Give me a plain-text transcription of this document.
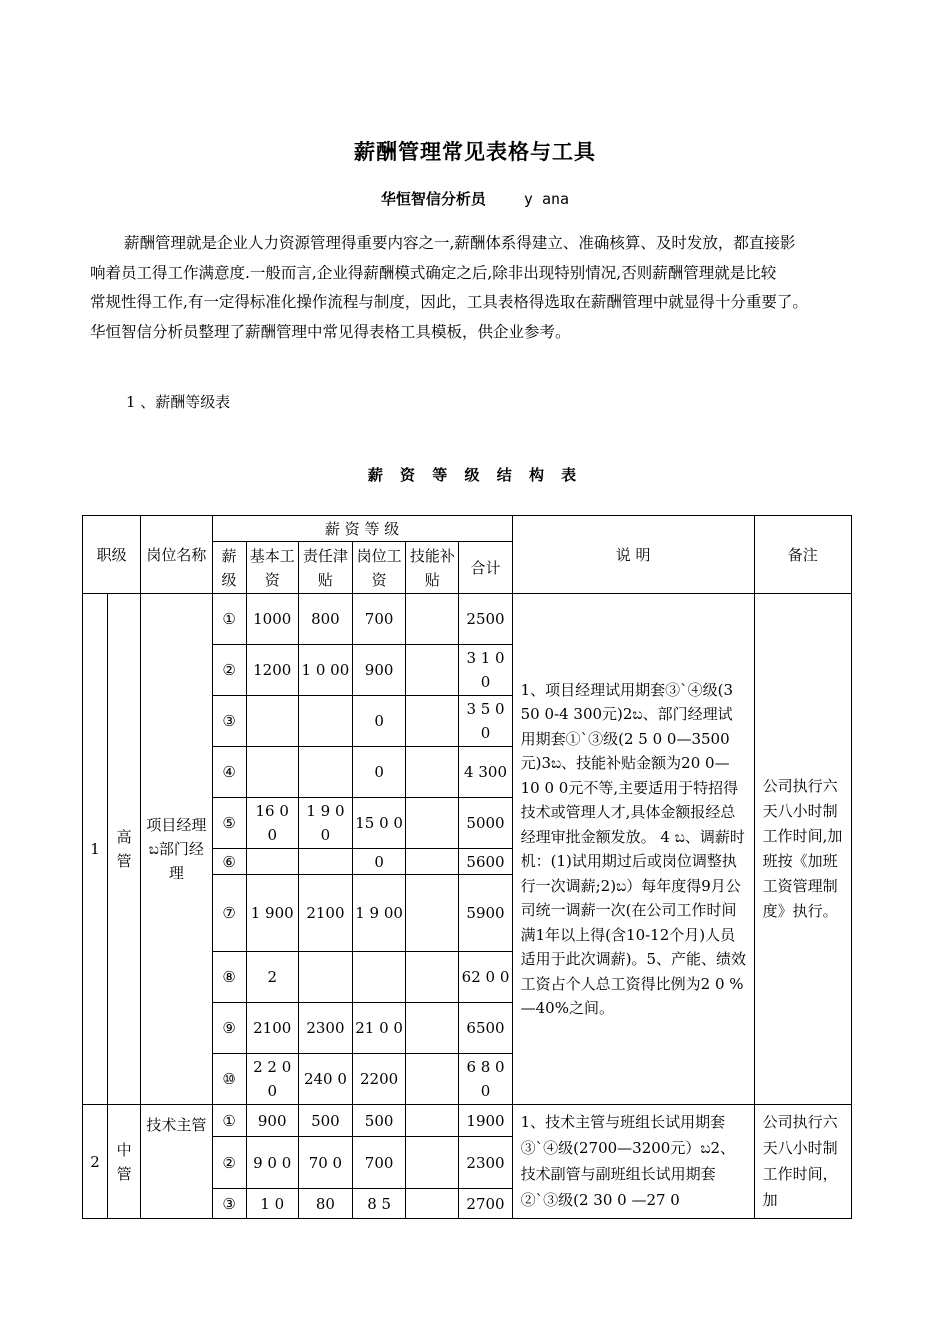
薪酬管理常见表格与工具
华恒智信分析员	y ana

薪酬管理就是企业人力资源管理得重要内容之一,薪酬体系得建立、准确核算、及时发放，都直接影

响着员工得工作满意度.一般而言,企业得薪酬模式确定之后,除非出现特别情况,否则薪酬管理就是比较

常规性得工作,有一定得标准化操作流程与制度，因此，工具表格得选取在薪酬管理中就显得十分重要了。

华恒智信分析员整理了薪酬管理中常见得表格工具模板，供企业参考。

1 、薪酬等级表
薪 资 等 级 结 构 表
职级		岗位名称	薪 资 等 级						说 明	备注
			薪级	基本工资	责任津贴	岗位工资	技能补贴	合计		
1	高管	项目经理ಬ部门经理	①	1000	800	700		2500	1、项目经理试用期套③`④级(3 50 0-4 300元)2ಬ、部门经理试用期套①`③级(2 5 0 0—3500元)3ಬ、技能补贴金额为20 0—10 0 0元不等,主要适用于特招得技术或管理人才,具体金额报经总经理审批金额发放。 4 ಬ、调薪时机：(1)试用期过后或岗位调整执行一次调薪;2)ಬ）每年度得9月公司统一调薪一次(在公司工作时间满1年以上得(含10-12个月)人员适用于此次调薪)。5、产能、绩效工资占个人总工资得比例为2 0 %—40%之间。	公司执行六天八小时制工作时间,加班按《加班工资管理制度》执行。
			②	1200	1 0 00	900		3 1 0 0		
			③			0		3 5 0 0		
			④			0		4 300		
			⑤	16 0 0	1 9 0 0	15 0 0		5000		
			⑥			0		5600		
			⑦	1 900	2100	1 9 00		5900		
			⑧	2				62 0 0		
			⑨	2100	2300	21 0 0		6500		
			⑩	2 2 0 0	240 0	2200		6 8 0 0		
2	中管	技术主管	①	900	500	500		1900	1、技术主管与班组长试用期套③`④级(2700—3200元）ಬ2、技术副管与副班组长试用期套②`③级(2 30 0 —27 0	公司执行六天八小时制工作时间，加
			②	9 0 0	70 0	700		2300		
			③	1 0	80	8 5		2700		
